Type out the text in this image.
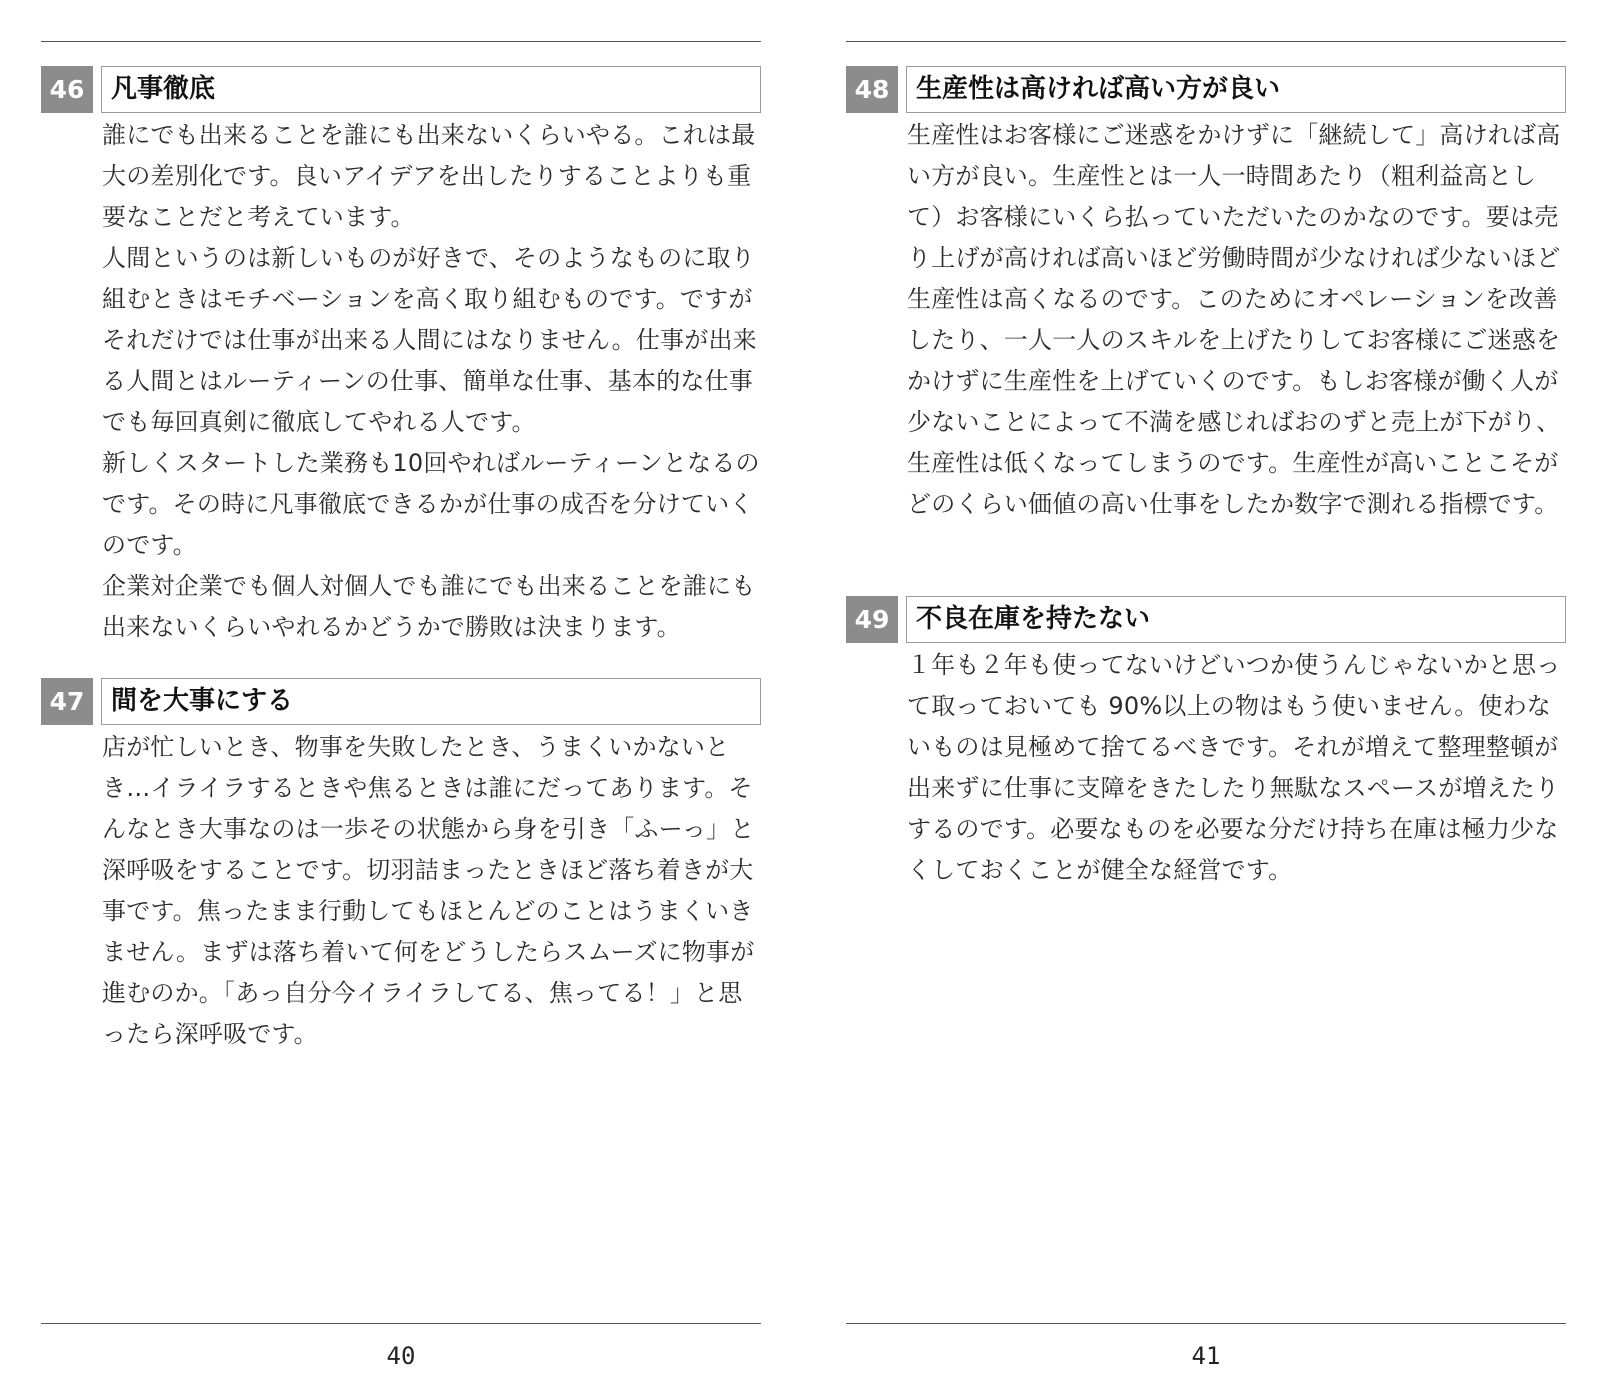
46	凡事徹底

誰にでも出来ることを誰にも出来ないくらいやる。これは最大の差別化です。良いアイデアを出したりすることよりも重要なことだと考えています。

人間というのは新しいものが好きで、そのようなものに取り組むときはモチベーションを高く取り組むものです。ですがそれだけでは仕事が出来る人間にはなりません。仕事が出来る人間とはルーティーンの仕事、簡単な仕事、基本的な仕事でも毎回真剣に徹底してやれる人です。

新しくスタートした業務も10回やればルーティーンとなるのです。その時に凡事徹底できるかが仕事の成否を分けていくのです。

企業対企業でも個人対個人でも誰にでも出来ることを誰にも出来ないくらいやれるかどうかで勝敗は決まります。

47	間を大事にする

店が忙しいとき、物事を失敗したとき、うまくいかないとき…イライラするときや焦るときは誰にだってあります。そんなとき大事なのは一歩その状態から身を引き「ふーっ」と深呼吸をすることです。切羽詰まったときほど落ち着きが大事です。焦ったまま行動してもほとんどのことはうまくいきません。まずは落ち着いて何をどうしたらスムーズに物事が進むのか。「あっ自分今イライラしてる、焦ってる！」と思ったら深呼吸です。

40
48	生産性は高ければ高い方が良い

生産性はお客様にご迷惑をかけずに「継続して」高ければ高い方が良い。生産性とは一人一時間あたり（粗利益高として）お客様にいくら払っていただいたのかなのです。要は売り上げが高ければ高いほど労働時間が少なければ少ないほど生産性は高くなるのです。このためにオペレーションを改善したり、一人一人のスキルを上げたりしてお客様にご迷惑をかけずに生産性を上げていくのです。もしお客様が働く人が少ないことによって不満を感じればおのずと売上が下がり、生産性は低くなってしまうのです。生産性が高いことこそがどのくらい価値の高い仕事をしたか数字で測れる指標です。

49	不良在庫を持たない

１年も２年も使ってないけどいつか使うんじゃないかと思って取っておいても 90%以上の物はもう使いません。使わないものは見極めて捨てるべきです。それが増えて整理整頓が出来ずに仕事に支障をきたしたり無駄なスペースが増えたりするのです。必要なものを必要な分だけ持ち在庫は極力少なくしておくことが健全な経営です。

41
